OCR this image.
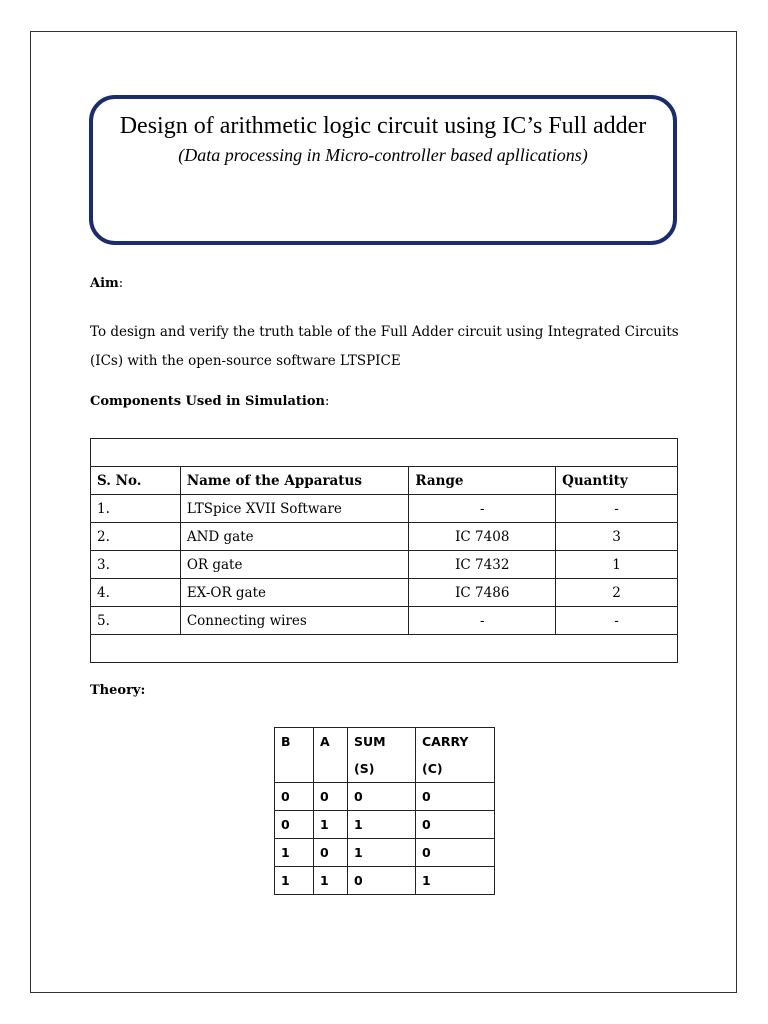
Design of arithmetic logic circuit using IC’s Full adder
(Data processing in Micro-controller based apllications)
Aim:
To design and verify the truth table of the Full Adder circuit using Integrated Circuits (ICs) with the open-source software LTSPICE
Components Used in Simulation:

S. No.	Name of the Apparatus	Range	Quantity
1.	LTSpice XVII Software	-	-
2.	AND gate	IC 7408	3
3.	OR gate	IC 7432	1
4.	EX-OR gate	IC 7486	2
5.	Connecting wires	-	-

Theory:
B	A	SUM (S)	CARRY (C)
0	0	0	0
0	1	1	0
1	0	1	0
1	1	0	1
